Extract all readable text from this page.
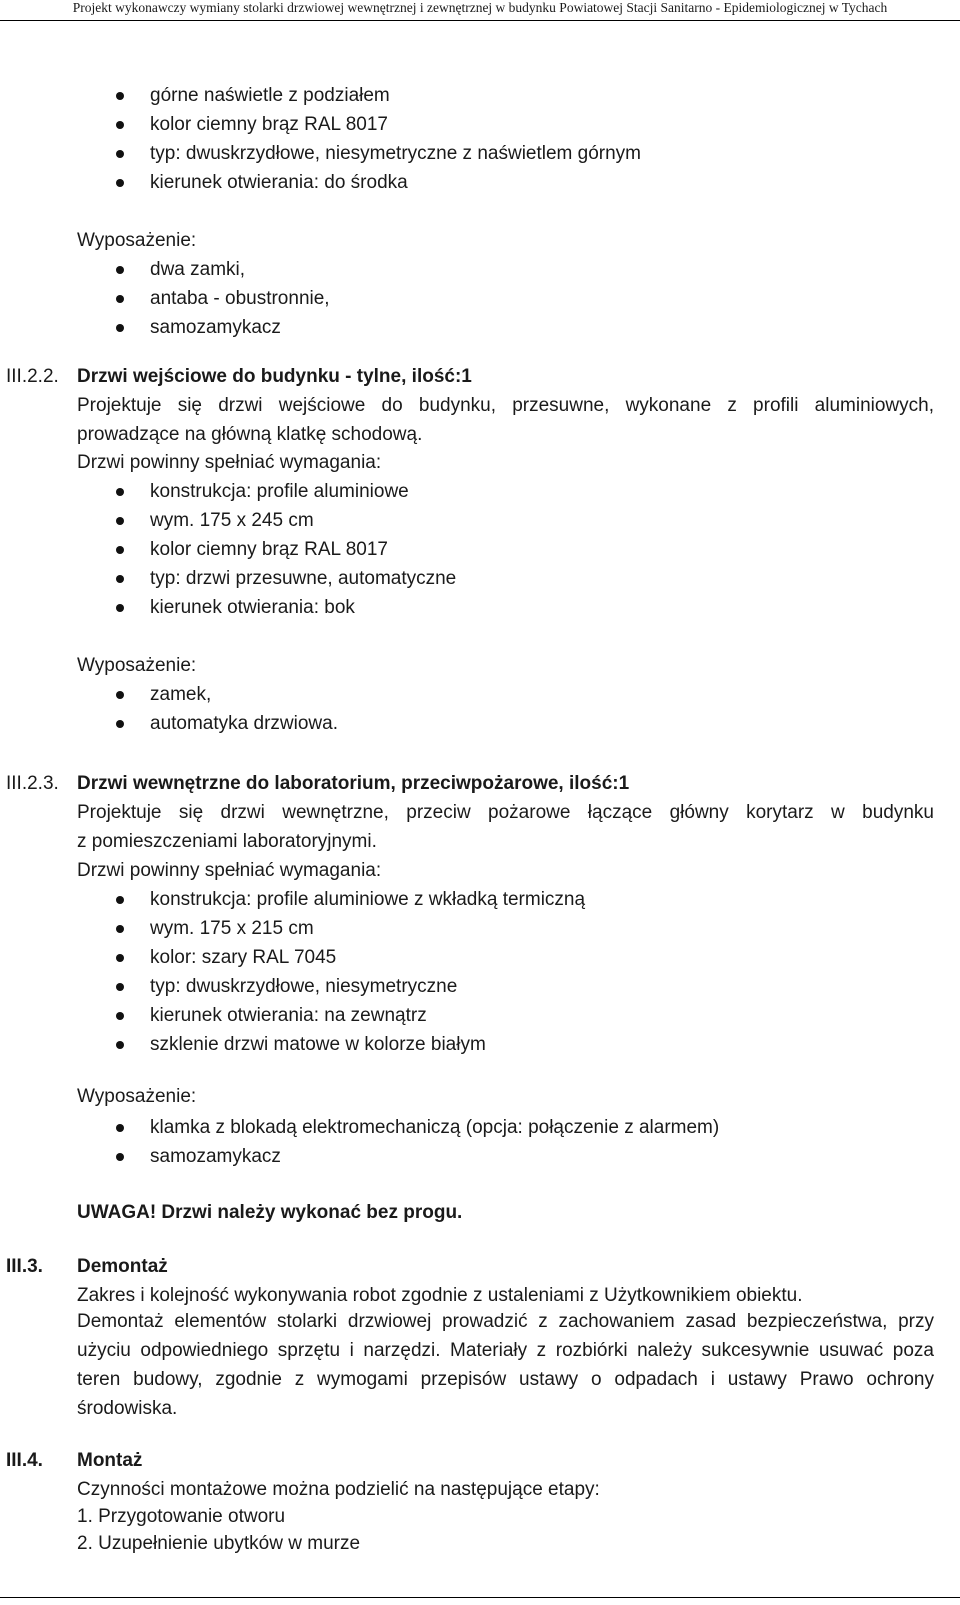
Projekt wykonawczy wymiany stolarki drzwiowej wewnętrznej i zewnętrznej w budynku Powiatowej Stacji Sanitarno - Epidemiologicznej w Tychach
górne naświetle z podziałem
kolor ciemny brąz RAL 8017
typ: dwuskrzydłowe, niesymetryczne z naświetlem górnym
kierunek otwierania: do środka
Wyposażenie:
dwa zamki,
antaba - obustronnie,
samozamykacz
III.2.2. Drzwi wejściowe do budynku - tylne, ilość:1
Projektuje się drzwi wejściowe do budynku, przesuwne, wykonane z profili aluminiowych,
prowadzące na główną klatkę schodową.
Drzwi powinny spełniać wymagania:
konstrukcja: profile aluminiowe
wym. 175 x 245 cm
kolor ciemny brąz RAL 8017
typ: drzwi przesuwne, automatyczne
kierunek otwierania: bok
Wyposażenie:
zamek,
automatyka drzwiowa.
III.2.3. Drzwi wewnętrzne do laboratorium, przeciwpożarowe, ilość:1
Projektuje się drzwi wewnętrzne, przeciw pożarowe łączące główny korytarz w budynku
z pomieszczeniami laboratoryjnymi.
Drzwi powinny spełniać wymagania:
konstrukcja: profile aluminiowe z wkładką termiczną
wym. 175 x 215 cm
kolor: szary RAL 7045
typ: dwuskrzydłowe, niesymetryczne
kierunek otwierania: na zewnątrz
szklenie drzwi matowe w kolorze białym
Wyposażenie:
klamka z blokadą elektromechaniczą (opcja: połączenie z alarmem)
samozamykacz
UWAGA! Drzwi należy wykonać bez progu.
III.3. Demontaż
Zakres i kolejność wykonywania robot zgodnie z ustaleniami z Użytkownikiem obiektu.
Demontaż elementów stolarki drzwiowej prowadzić z zachowaniem zasad bezpieczeństwa, przy użyciu odpowiedniego sprzętu i narzędzi. Materiały z rozbiórki należy sukcesywnie usuwać poza teren budowy, zgodnie z wymogami przepisów ustawy o odpadach i ustawy Prawo ochrony środowiska.
III.4. Montaż
Czynności montażowe można podzielić na następujące etapy:
1. Przygotowanie otworu
2. Uzupełnienie ubytków w murze
